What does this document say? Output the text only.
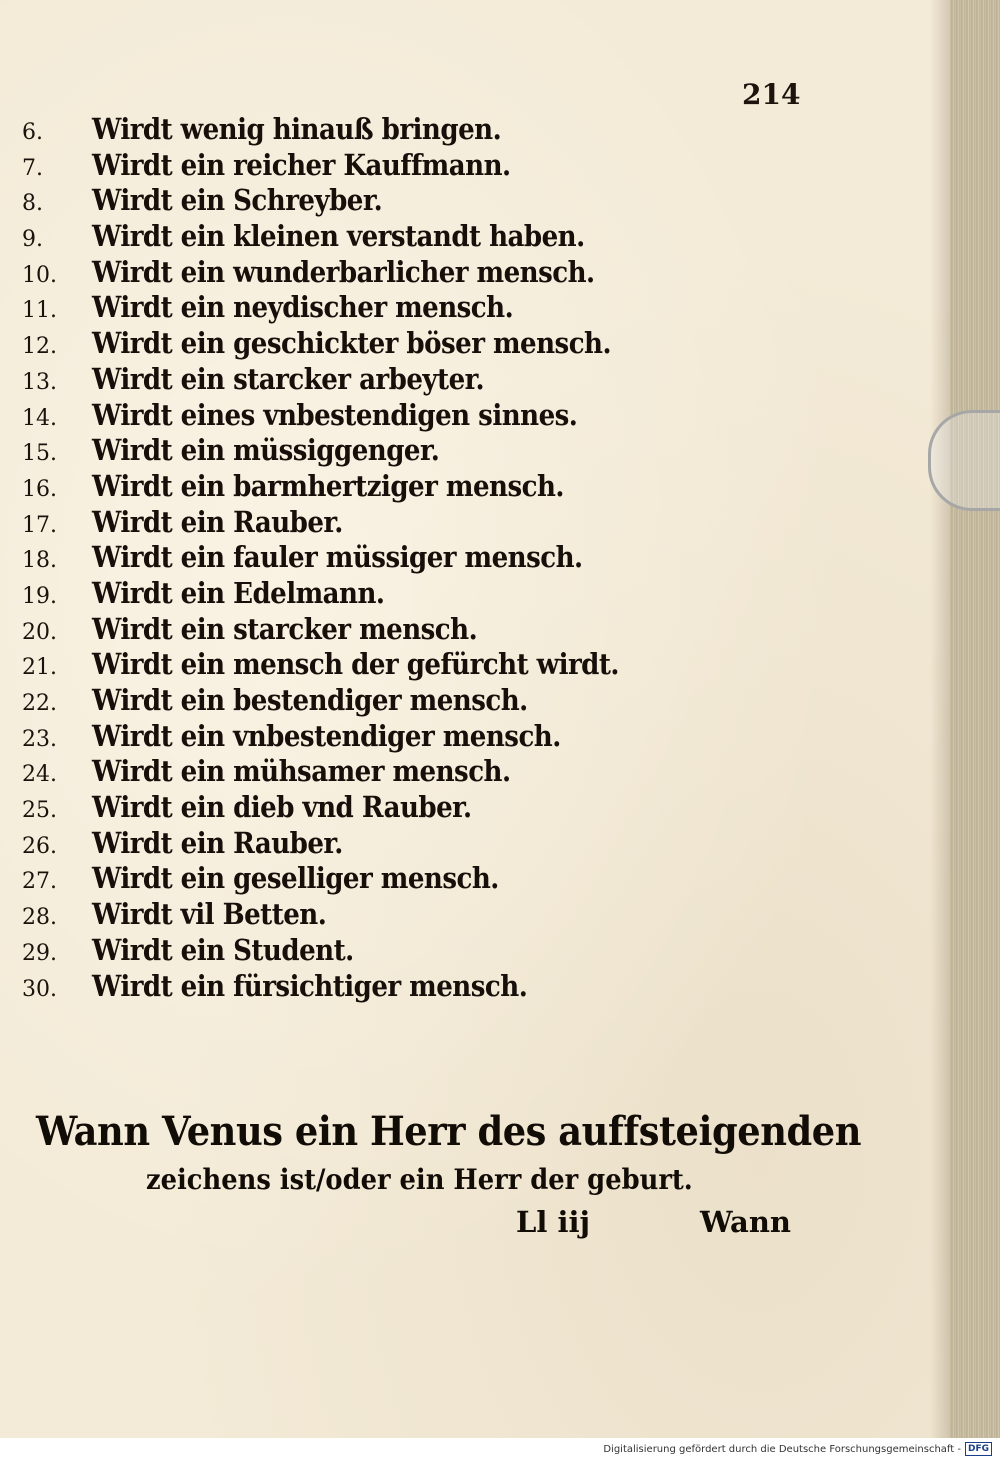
214
6.	Wirdt wenig hinauß bringen.
7.	Wirdt ein reicher Kauffmann.
8.	Wirdt ein Schreyber.
9.	Wirdt ein kleinen verstandt haben.
10.	Wirdt ein wunderbarlicher mensch.
11.	Wirdt ein neydischer mensch.
12.	Wirdt ein geschickter böser mensch.
13.	Wirdt ein starcker arbeyter.
14.	Wirdt eines vnbestendigen sinnes.
15.	Wirdt ein müssiggenger.
16.	Wirdt ein barmhertziger mensch.
17.	Wirdt ein Rauber.
18.	Wirdt ein fauler müssiger mensch.
19.	Wirdt ein Edelmann.
20.	Wirdt ein starcker mensch.
21.	Wirdt ein mensch der gefürcht wirdt.
22.	Wirdt ein bestendiger mensch.
23.	Wirdt ein vnbestendiger mensch.
24.	Wirdt ein mühsamer mensch.
25.	Wirdt ein dieb vnd Rauber.
26.	Wirdt ein Rauber.
27.	Wirdt ein geselliger mensch.
28.	Wirdt vil Betten.
29.	Wirdt ein Student.
30.	Wirdt ein fürsichtiger mensch.
Wann Venus ein Herr des auffsteigenden
zeichens ist/oder ein Herr der geburt.
Ll iij	Wann
Digitalisierung gefördert durch die Deutsche Forschungsgemeinschaft - DFG
